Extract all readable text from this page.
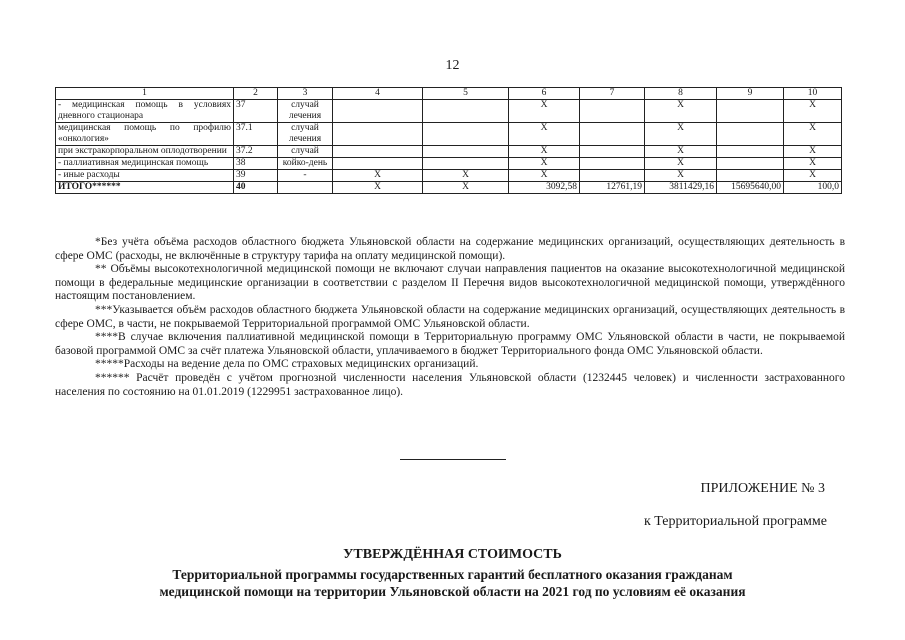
12
1	2	3	4	5	6	7	8	9	10
- медицинская помощь в условиях дневного стационара	37	случай лечения			X		X		X
медицинская помощь по профилю «онкология»	37.1	случай лечения			X		X		X
при экстракорпоральном оплодотворении	37.2	случай			X		X		X
- паллиативная медицинская помощь	38	койко-день			X		X		X
- иные расходы	39	-	X	X	X		X		X
ИТОГО******	40		X	X	3092,58	12761,19	3811429,16	15695640,00	100,0

*Без учёта объёма расходов областного бюджета Ульяновской области на содержание медицинских организаций, осуществляющих деятельность в сфере ОМС (расходы, не включённые в структуру тарифа на оплату медицинской помощи).

** Объёмы высокотехнологичной медицинской помощи не включают случаи направления пациентов на оказание высокотехнологичной медицинской помощи в федеральные медицинские организации в соответствии с разделом II Перечня видов высокотехнологичной медицинской помощи, утверждённого настоящим постановлением.

***Указывается объём расходов областного бюджета Ульяновской области на содержание медицинских организаций, осуществляющих деятельность в сфере ОМС, в части, не покрываемой Территориальной программой ОМС Ульяновской области.

****В случае включения паллиативной медицинской помощи в Территориальную программу ОМС Ульяновской области в части, не покрываемой базовой программой ОМС за счёт платежа Ульяновской области, уплачиваемого в бюджет Территориального фонда ОМС Ульяновской области.

*****Расходы на ведение дела по ОМС страховых медицинских организаций.

****** Расчёт проведён с учётом прогнозной численности населения Ульяновской области (1232445 человек) и численности застрахованного населения по состоянию на 01.01.2019 (1229951 застрахованное лицо).

ПРИЛОЖЕНИЕ № 3
к Территориальной программе
УТВЕРЖДЁННАЯ СТОИМОСТЬ
Территориальной программы государственных гарантий бесплатного оказания гражданам
медицинской помощи на территории Ульяновской области на 2021 год по условиям её оказания
